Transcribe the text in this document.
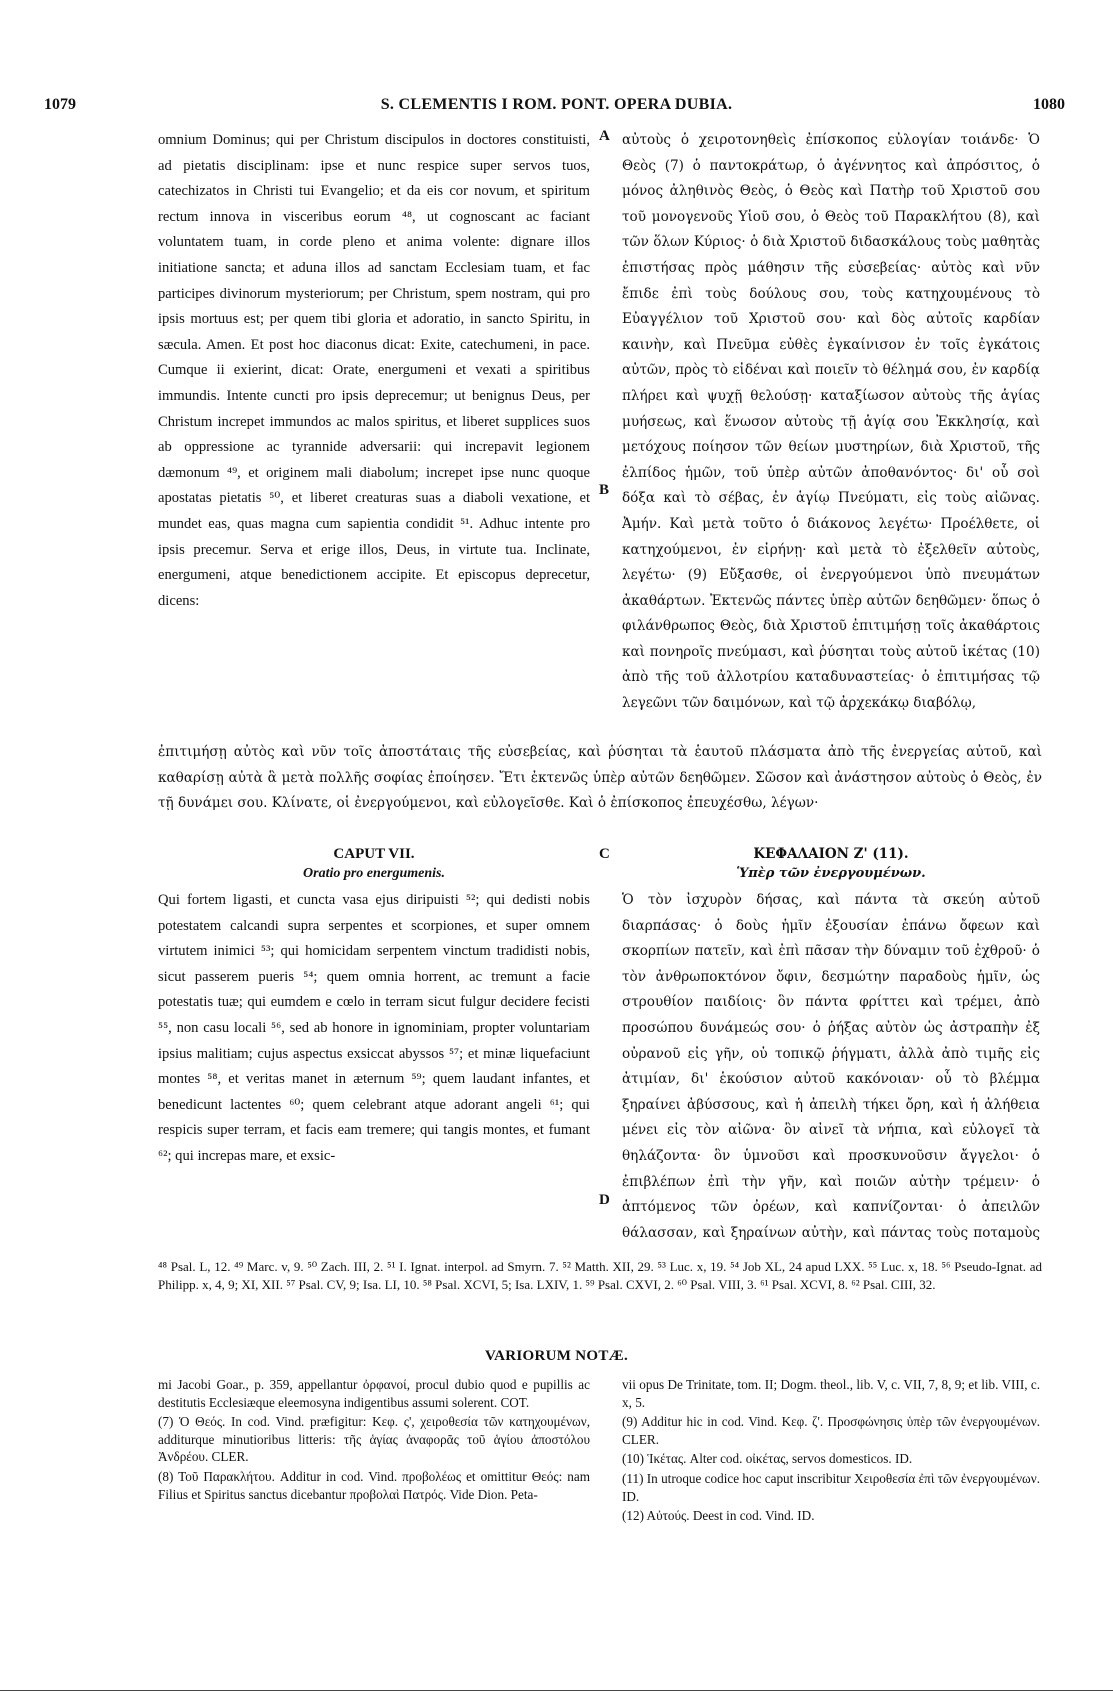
1079	S. CLEMENTIS I ROM. PONT. OPERA DUBIA.	1080

omnium Dominus; qui per Christum discipulos in doctores constituisti, ad pietatis disciplinam: ipse et nunc respice super servos tuos, catechizatos in Christi tui Evangelio; et da eis cor novum, et spiritum rectum innova in visceribus eorum ⁴⁸, ut cognoscant ac faciant voluntatem tuam, in corde pleno et anima volente: dignare illos initiatione sancta; et aduna illos ad sanctam Ecclesiam tuam, et fac participes divinorum mysteriorum; per Christum, spem nostram, qui pro ipsis mortuus est; per quem tibi gloria et adoratio, in sancto Spiritu, in sæcula. Amen. Et post hoc diaconus dicat: Exite, catechumeni, in pace. Cumque ii exierint, dicat: Orate, energumeni et vexati a spiritibus immundis. Intente cuncti pro ipsis deprecemur; ut benignus Deus, per Christum increpet immundos ac malos spiritus, et liberet supplices suos ab oppressione ac tyrannide adversarii: qui increpavit legionem dæmonum ⁴⁹, et originem mali diabolum; increpet ipse nunc quoque apostatas pietatis ⁵⁰, et liberet creaturas suas a diaboli vexatione, et mundet eas, quas magna cum sapientia condidit ⁵¹. Adhuc intente pro ipsis precemur. Serva et erige illos, Deus, in virtute tua. Inclinate, energumeni, atque benedictionem accipite. Et episcopus deprecetur, dicens:

αὐτοὺς ὁ χειροτονηθεὶς ἐπίσκοπος εὐλογίαν τοιάνδε· Ὁ Θεὸς (7) ὁ παντοκράτωρ, ὁ ἀγέννητος καὶ ἀπρόσιτος, ὁ μόνος ἀληθινὸς Θεὸς, ὁ Θεὸς καὶ Πατὴρ τοῦ Χριστοῦ σου τοῦ μονογενοῦς Υἱοῦ σου, ὁ Θεὸς τοῦ Παρακλήτου (8), καὶ τῶν ὅλων Κύριος· ὁ διὰ Χριστοῦ διδασκάλους τοὺς μαθητὰς ἐπιστήσας πρὸς μάθησιν τῆς εὐσεβείας· αὐτὸς καὶ νῦν ἔπιδε ἐπὶ τοὺς δούλους σου, τοὺς κατηχουμένους τὸ Εὐαγγέλιον τοῦ Χριστοῦ σου· καὶ δὸς αὐτοῖς καρδίαν καινὴν, καὶ Πνεῦμα εὐθὲς ἐγκαίνισον ἐν τοῖς ἐγκάτοις αὐτῶν, πρὸς τὸ εἰδέναι καὶ ποιεῖν τὸ θέλημά σου, ἐν καρδίᾳ πλήρει καὶ ψυχῇ θελούσῃ· καταξίωσον αὐτοὺς τῆς ἁγίας μυήσεως, καὶ ἕνωσον αὐτοὺς τῇ ἁγίᾳ σου Ἐκκλησίᾳ, καὶ μετόχους ποίησον τῶν θείων μυστηρίων, διὰ Χριστοῦ, τῆς ἐλπίδος ἡμῶν, τοῦ ὑπὲρ αὐτῶν ἀποθανόντος· δι' οὗ σοὶ δόξα καὶ τὸ σέβας, ἐν ἁγίῳ Πνεύματι, εἰς τοὺς αἰῶνας. Ἀμήν. Καὶ μετὰ τοῦτο ὁ διάκονος λεγέτω· Προέλθετε, οἱ κατηχούμενοι, ἐν εἰρήνῃ· καὶ μετὰ τὸ ἐξελθεῖν αὐτοὺς, λεγέτω· (9) Εὔξασθε, οἱ ἐνεργούμενοι ὑπὸ πνευμάτων ἀκαθάρτων. Ἐκτενῶς πάντες ὑπὲρ αὐτῶν δεηθῶμεν· ὅπως ὁ φιλάνθρωπος Θεὸς, διὰ Χριστοῦ ἐπιτιμήσῃ τοῖς ἀκαθάρτοις καὶ πονηροῖς πνεύμασι, καὶ ῥύσηται τοὺς αὐτοῦ ἱκέτας (10) ἀπὸ τῆς τοῦ ἀλλοτρίου καταδυναστείας· ὁ ἐπιτιμήσας τῷ λεγεῶνι τῶν δαιμόνων, καὶ τῷ ἀρχεκάκῳ διαβόλῳ,

A
B
ἐπιτιμήσῃ αὐτὸς καὶ νῦν τοῖς ἀποστάταις τῆς εὐσεβείας, καὶ ῥύσηται τὰ ἑαυτοῦ πλάσματα ἀπὸ τῆς ἐνεργείας αὐτοῦ, καὶ καθαρίσῃ αὐτὰ ἃ μετὰ πολλῆς σοφίας ἐποίησεν. Ἔτι ἐκτενῶς ὑπὲρ αὐτῶν δεηθῶμεν. Σῶσον καὶ ἀνάστησον αὐτοὺς ὁ Θεὸς, ἐν τῇ δυνάμει σου. Κλίνατε, οἱ ἐνεργούμενοι, καὶ εὐλογεῖσθε. Καὶ ὁ ἐπίσκοπος ἐπευχέσθω, λέγων·
CAPUT VII.
Oratio pro energumenis.
C	ΚΕΦΑΛΑΙΟΝ Ζ' (11).
Ὑπὲρ τῶν ἐνεργουμένων.

Qui fortem ligasti, et cuncta vasa ejus diripuisti ⁵²; qui dedisti nobis potestatem calcandi supra serpentes et scorpiones, et super omnem virtutem inimici ⁵³; qui homicidam serpentem vinctum tradidisti nobis, sicut passerem pueris ⁵⁴; quem omnia horrent, ac tremunt a facie potestatis tuæ; qui eumdem e cœlo in terram sicut fulgur decidere fecisti ⁵⁵, non casu locali ⁵⁶, sed ab honore in ignominiam, propter voluntariam ipsius malitiam; cujus aspectus exsiccat abyssos ⁵⁷; et minæ liquefaciunt montes ⁵⁸, et veritas manet in æternum ⁵⁹; quem laudant infantes, et benedicunt lactentes ⁶⁰; quem celebrant atque adorant angeli ⁶¹; qui respicis super terram, et facis eam tremere; qui tangis montes, et fumant ⁶²; qui increpas mare, et exsic-

Ὁ τὸν ἰσχυρὸν δήσας, καὶ πάντα τὰ σκεύη αὐτοῦ διαρπάσας· ὁ δοὺς ἡμῖν ἐξουσίαν ἐπάνω ὄφεων καὶ σκορπίων πατεῖν, καὶ ἐπὶ πᾶσαν τὴν δύναμιν τοῦ ἐχθροῦ· ὁ τὸν ἀνθρωποκτόνον ὄφιν, δεσμώτην παραδοὺς ἡμῖν, ὡς στρουθίον παιδίοις· ὃν πάντα φρίττει καὶ τρέμει, ἀπὸ προσώπου δυνάμεώς σου· ὁ ῥήξας αὐτὸν ὡς ἀστραπὴν ἐξ οὐρανοῦ εἰς γῆν, οὐ τοπικῷ ῥήγματι, ἀλλὰ ἀπὸ τιμῆς εἰς ἀτιμίαν, δι' ἑκούσιον αὐτοῦ κακόνοιαν· οὗ τὸ βλέμμα ξηραίνει ἀβύσσους, καὶ ἡ ἀπειλὴ τήκει ὄρη, καὶ ἡ ἀλήθεια μένει εἰς τὸν αἰῶνα· ὃν αἰνεῖ τὰ νήπια, καὶ εὐλογεῖ τὰ θηλάζοντα· ὃν ὑμνοῦσι καὶ προσκυνοῦσιν ἄγγελοι· ὁ ἐπιβλέπων ἐπὶ τὴν γῆν, καὶ ποιῶν αὐτὴν τρέμειν· ὁ ἁπτόμενος τῶν ὀρέων, καὶ καπνίζονται· ὁ ἀπειλῶν θάλασσαν, καὶ ξηραίνων αὐτὴν, καὶ πάντας τοὺς ποταμοὺς

D
⁴⁸ Psal. L, 12. ⁴⁹ Marc. v, 9. ⁵⁰ Zach. III, 2. ⁵¹ I. Ignat. interpol. ad Smyrn. 7. ⁵² Matth. XII, 29. ⁵³ Luc. x, 19. ⁵⁴ Job XL, 24 apud LXX. ⁵⁵ Luc. x, 18. ⁵⁶ Pseudo-Ignat. ad Philipp. x, 4, 9; XI, XII. ⁵⁷ Psal. CV, 9; Isa. LI, 10. ⁵⁸ Psal. XCVI, 5; Isa. LXIV, 1. ⁵⁹ Psal. CXVI, 2. ⁶⁰ Psal. VIII, 3. ⁶¹ Psal. XCVI, 8. ⁶² Psal. CIII, 32.
VARIORUM NOTÆ.

mi Jacobi Goar., p. 359, appellantur ὀρφανοί, procul dubio quod e pupillis ac destitutis Ecclesiæque eleemosyna indigentibus assumi solerent. COT.

(7) Ὁ Θεός. In cod. Vind. præfigitur: Κεφ. ς', χειροθεσία τῶν κατηχουμένων, additurque minutioribus litteris: τῆς ἁγίας ἀναφορᾶς τοῦ ἁγίου ἀποστόλου Ἀνδρέου. CLER.

(8) Τοῦ Παρακλήτου. Additur in cod. Vind. προβολέως et omittitur Θεός: nam Filius et Spiritus sanctus dicebantur προβολαὶ Πατρός. Vide Dion. Peta-

vii opus De Trinitate, tom. II; Dogm. theol., lib. V, c. VII, 7, 8, 9; et lib. VIII, c. x, 5.

(9) Additur hic in cod. Vind. Κεφ. ζ'. Προσφώνησις ὑπὲρ τῶν ἐνεργουμένων. CLER.

(10) Ἱκέτας. Alter cod. οἰκέτας, servos domesticos. ID.

(11) In utroque codice hoc caput inscribitur Χειροθεσία ἐπὶ τῶν ἐνεργουμένων. ID.

(12) Αὐτούς. Deest in cod. Vind. ID.
